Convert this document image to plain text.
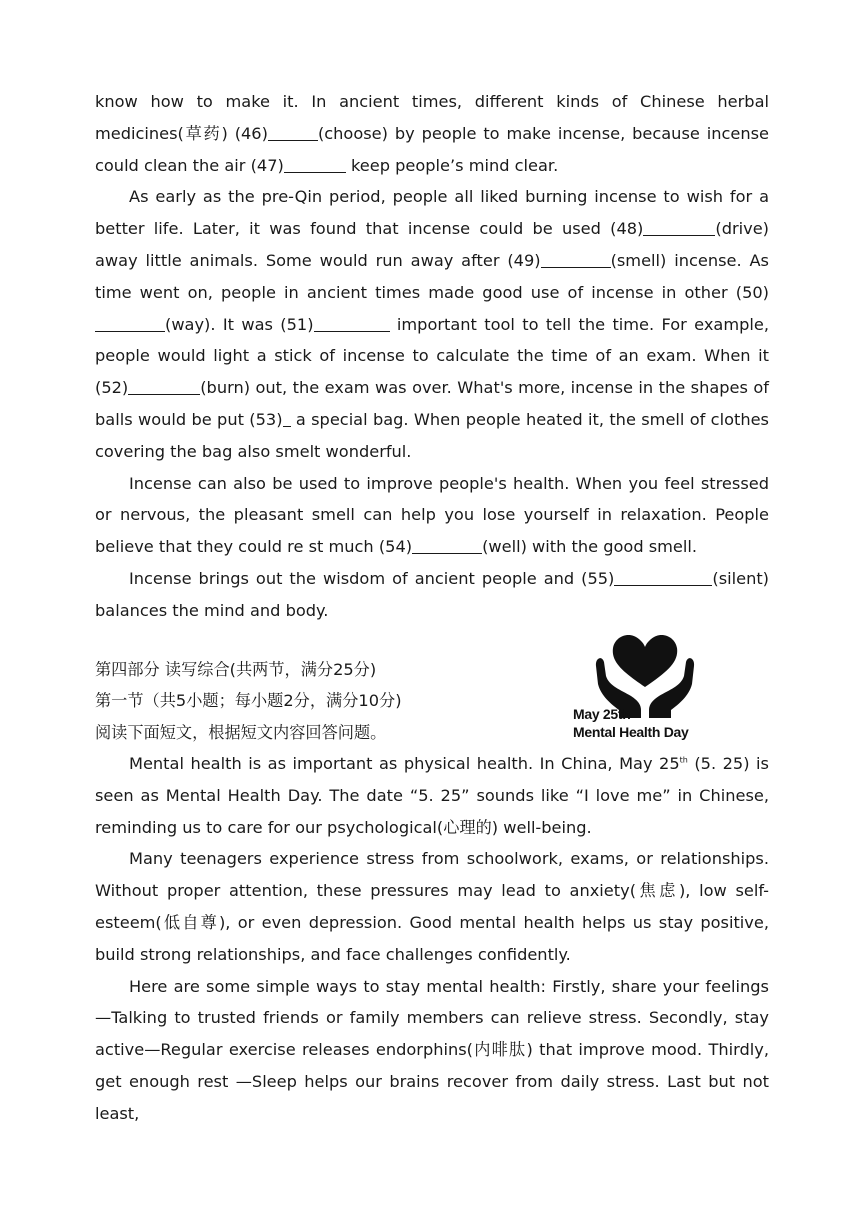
know how to make it. In ancient times, different kinds of Chinese herbal medicines(草药) (46)	(choose) by people to make incense, because incense could clean the air (47)	keep people’s mind clear.

As early as the pre-Qin period, people all liked burning incense to wish for a better life. Later, it was found that incense could be used (48)	(drive) away little animals. Some would run away after (49)	(smell) incense. As time went on, people in ancient times made good use of incense in other (50)(way). It was (51)	important tool to tell the time. For example, people would light a stick of incense to calculate the time of an exam. When it (52)	(burn) out, the exam was over. What's more, incense in the shapes of balls would be put (53) a special bag. When people heated it, the smell of clothes covering the bag also smelt wonderful.

Incense can also be used to improve people's health. When you feel stressed or nervous, the pleasant smell can help you lose yourself in relaxation. People believe that they could re st much (54)	(well) with the good smell.

Incense brings out the wisdom of ancient people and (55)	(silent) balances the mind and body.

May 25th
Mental Health Day
第四部分 读写综合(共两节，满分25分)
第一节（共5小题；每小题2分，满分10分)
阅读下面短文，根据短文内容回答问题。

Mental health is as important as physical health. In China, May 25th (5. 25) is seen as Mental Health Day. The date “5. 25” sounds like “I love me” in Chinese, reminding us to care for our psychological(心理的) well-being.

Many teenagers experience stress from schoolwork, exams, or relationships. Without proper attention, these pressures may lead to anxiety(焦虑), low self-esteem(低自尊), or even depression. Good mental health helps us stay positive, build strong relationships, and face challenges confidently.

Here are some simple ways to stay mental health: Firstly, share your feelings—Talking to trusted friends or family members can relieve stress. Secondly, stay active—Regular exercise releases endorphins(内啡肽) that improve mood. Thirdly, get enough rest —Sleep helps our brains recover from daily stress. Last but not least,
